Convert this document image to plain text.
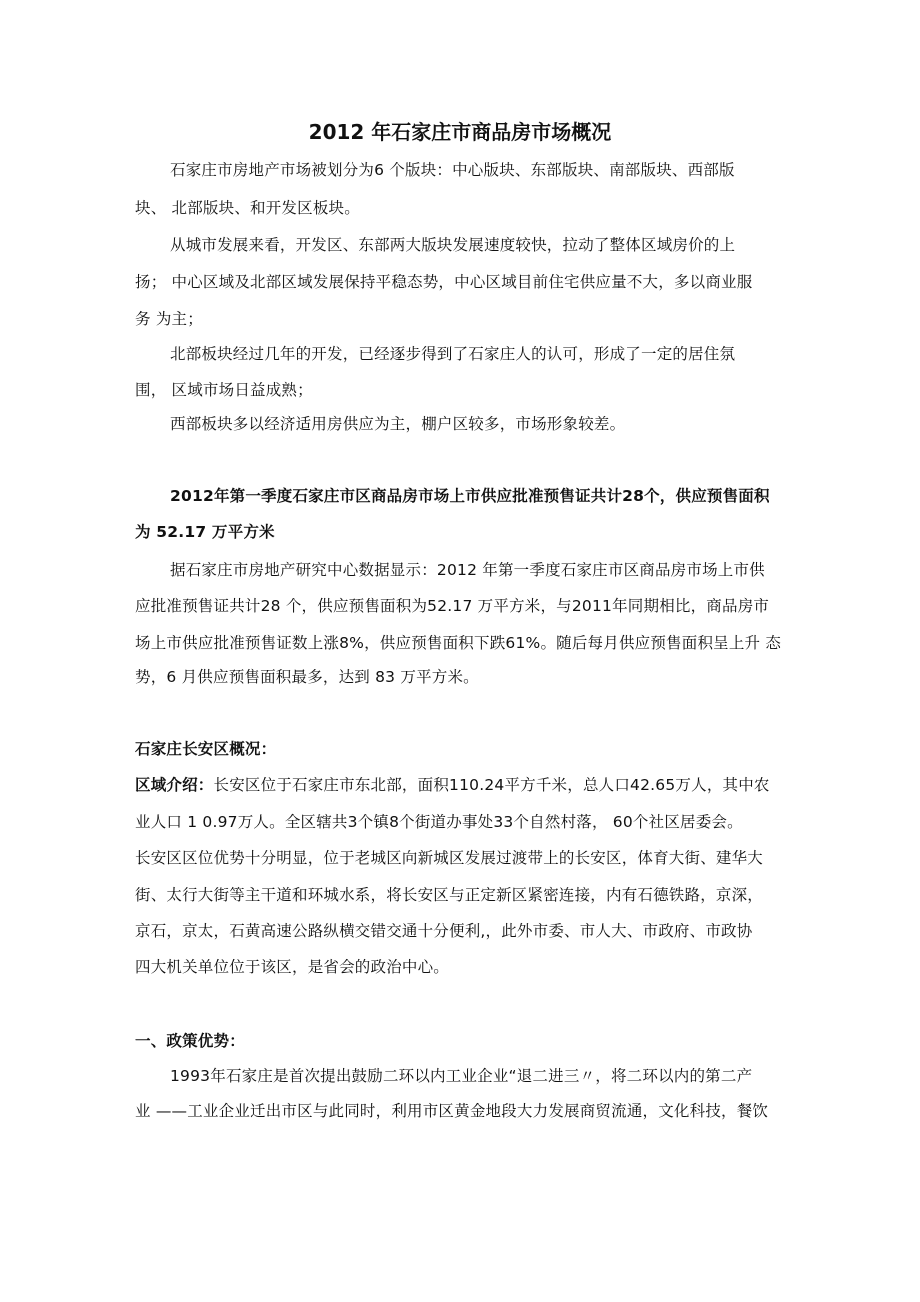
2012 年石家庄市商品房市场概况
石家庄市房地产市场被划分为6 个版块：中心版块、东部版块、南部版块、西部版
块、 北部版块、和开发区板块。
从城市发展来看，开发区、东部两大版块发展速度较快，拉动了整体区域房价的上
扬； 中心区域及北部区域发展保持平稳态势，中心区域目前住宅供应量不大，多以商业服
务 为主；
北部板块经过几年的开发，已经逐步得到了石家庄人的认可，形成了一定的居住氛
围， 区域市场日益成熟；
西部板块多以经济适用房供应为主，棚户区较多，市场形象较差。
2012年第一季度石家庄市区商品房市场上市供应批准预售证共计28个，供应预售面积
为 52.17 万平方米
据石家庄市房地产研究中心数据显示：2012 年第一季度石家庄市区商品房市场上市供
应批准预售证共计28 个，供应预售面积为52.17 万平方米，与2011年同期相比，商品房市
场上市供应批准预售证数上涨8%，供应预售面积下跌61%。随后每月供应预售面积呈上升 态
势，6 月供应预售面积最多，达到 83 万平方米。
石家庄长安区概况：
区域介绍：长安区位于石家庄市东北部，面积110.24平方千米，总人口42.65万人，其中农
业人口 1 0.97万人。全区辖共3个镇8个街道办事处33个自然村落， 60个社区居委会。
长安区区位优势十分明显，位于老城区向新城区发展过渡带上的长安区，体育大街、建华大
街、太行大街等主干道和环城水系，将长安区与正定新区紧密连接，内有石德铁路，京深，
京石，京太，石黄高速公路纵横交错交通十分便利,，此外市委、市人大、市政府、市政协
四大机关单位位于该区，是省会的政治中心。
一、政策优势：
1993年石家庄是首次提出鼓励二环以内工业企业“退二进三〃，将二环以内的第二产
业 ——工业企业迁出市区与此同时，利用市区黄金地段大力发展商贸流通，文化科技，餐饮
